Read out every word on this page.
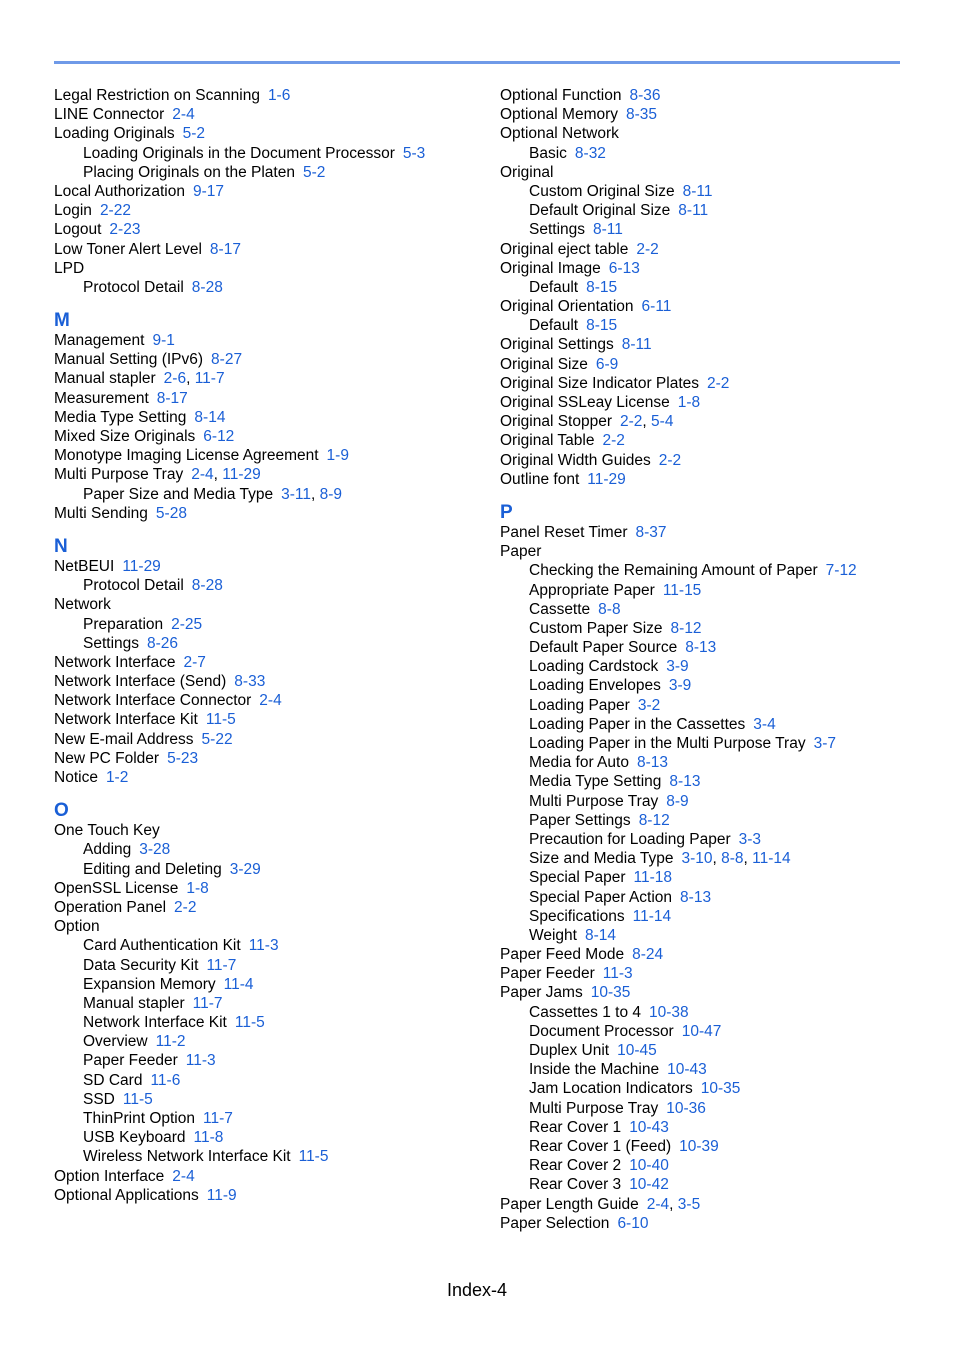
Legal Restriction on Scanning 1-6
LINE Connector 2-4
Loading Originals 5-2
Loading Originals in the Document Processor 5-3
Placing Originals on the Platen 5-2
Local Authorization 9-17
Login 2-22
Logout 2-23
Low Toner Alert Level 8-17
LPD
Protocol Detail 8-28
M
Management 9-1
Manual Setting (IPv6) 8-27
Manual stapler 2-6 , 11-7
Measurement 8-17
Media Type Setting 8-14
Mixed Size Originals 6-12
Monotype Imaging License Agreement 1-9
Multi Purpose Tray 2-4 , 11-29
Paper Size and Media Type 3-11 , 8-9
Multi Sending 5-28
N
NetBEUI 11-29
Protocol Detail 8-28
Network
Preparation 2-25
Settings 8-26
Network Interface 2-7
Network Interface (Send) 8-33
Network Interface Connector 2-4
Network Interface Kit 11-5
New E-mail Address 5-22
New PC Folder 5-23
Notice 1-2
O
One Touch Key
Adding 3-28
Editing and Deleting 3-29
OpenSSL License 1-8
Operation Panel 2-2
Option
Card Authentication Kit 11-3
Data Security Kit 11-7
Expansion Memory 11-4
Manual stapler 11-7
Network Interface Kit 11-5
Overview 11-2
Paper Feeder 11-3
SD Card 11-6
SSD 11-5
ThinPrint Option 11-7
USB Keyboard 11-8
Wireless Network Interface Kit 11-5
Option Interface 2-4
Optional Applications 11-9
Optional Function 8-36
Optional Memory 8-35
Optional Network
Basic 8-32
Original
Custom Original Size 8-11
Default Original Size 8-11
Settings 8-11
Original eject table 2-2
Original Image 6-13
Default 8-15
Original Orientation 6-11
Default 8-15
Original Settings 8-11
Original Size 6-9
Original Size Indicator Plates 2-2
Original SSLeay License 1-8
Original Stopper 2-2 , 5-4
Original Table 2-2
Original Width Guides 2-2
Outline font 11-29
P
Panel Reset Timer 8-37
Paper
Checking the Remaining Amount of Paper 7-12
Appropriate Paper 11-15
Cassette 8-8
Custom Paper Size 8-12
Default Paper Source 8-13
Loading Cardstock 3-9
Loading Envelopes 3-9
Loading Paper 3-2
Loading Paper in the Cassettes 3-4
Loading Paper in the Multi Purpose Tray 3-7
Media for Auto 8-13
Media Type Setting 8-13
Multi Purpose Tray 8-9
Paper Settings 8-12
Precaution for Loading Paper 3-3
Size and Media Type 3-10 , 8-8 , 11-14
Special Paper 11-18
Special Paper Action 8-13
Specifications 11-14
Weight 8-14
Paper Feed Mode 8-24
Paper Feeder 11-3
Paper Jams 10-35
Cassettes 1 to 4 10-38
Document Processor 10-47
Duplex Unit 10-45
Inside the Machine 10-43
Jam Location Indicators 10-35
Multi Purpose Tray 10-36
Rear Cover 1 10-43
Rear Cover 1 (Feed) 10-39
Rear Cover 2 10-40
Rear Cover 3 10-42
Paper Length Guide 2-4 , 3-5
Paper Selection 6-10
Index-4
